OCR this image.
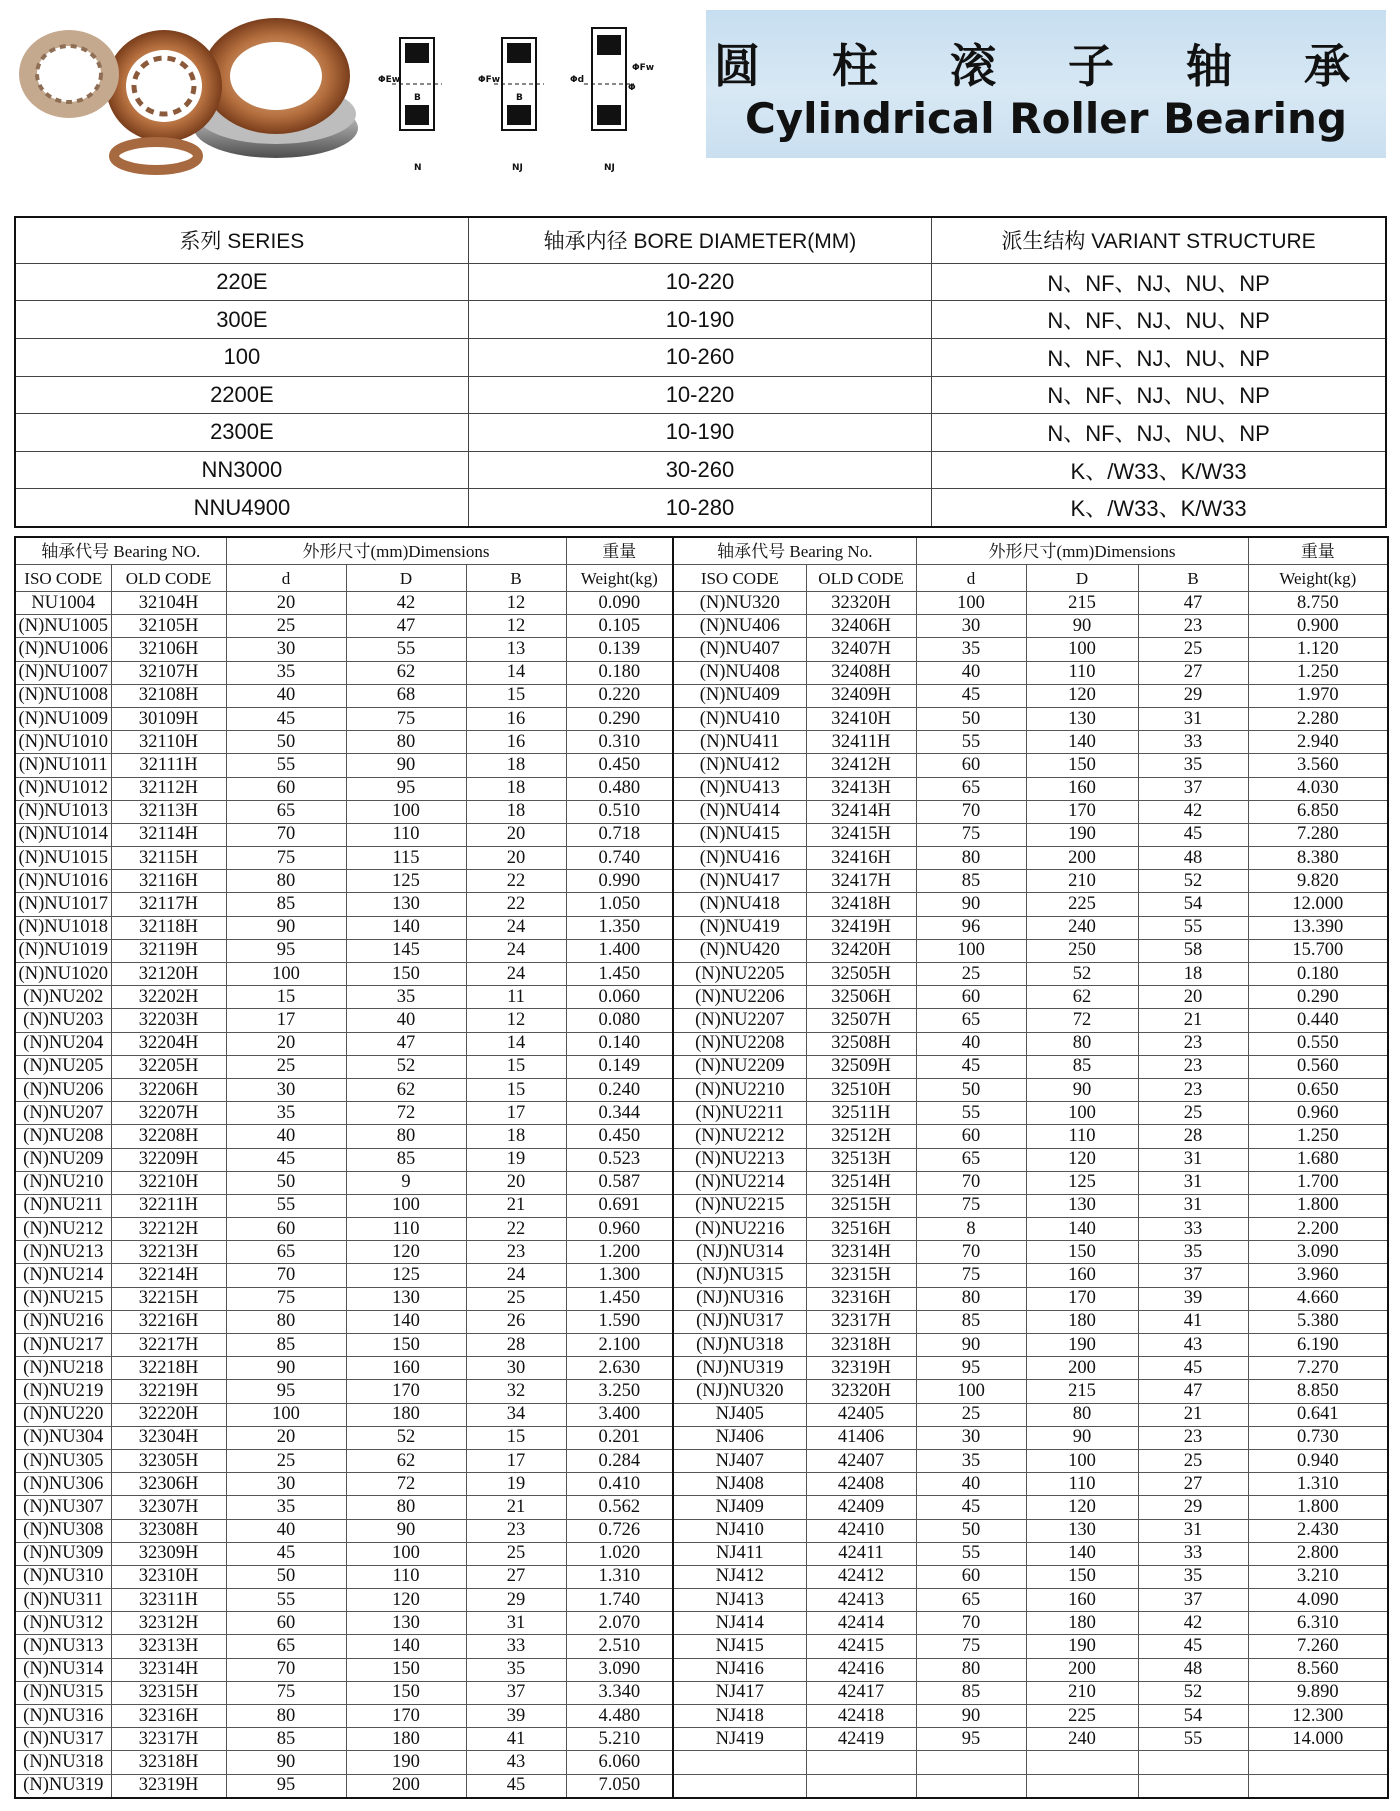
ΦEw
B
ΦFw
B
Φd
ΦFw
Φ
N	NJ	NJ
圆 柱 滚 子 轴 承
Cylindrical Roller Bearing
系列 SERIES	轴承内径 BORE DIAMETER(MM)	派生结构 VARIANT STRUCTURE
220E	10-220	N、NF、NJ、NU、NP
300E	10-190	N、NF、NJ、NU、NP
100	10-260	N、NF、NJ、NU、NP
2200E	10-220	N、NF、NJ、NU、NP
2300E	10-190	N、NF、NJ、NU、NP
NN3000	30-260	K、/W33、K/W33
NNU4900	10-280	K、/W33、K/W33
轴承代号 Bearing NO.		外形尺寸(mm)Dimensions			重量	轴承代号 Bearing No.		外形尺寸(mm)Dimensions			重量
ISO CODE	OLD CODE	d	D	B	Weight(kg)	ISO CODE	OLD CODE	d	D	B	Weight(kg)
NU1004	32104H	20	42	12	0.090	(N)NU320	32320H	100	215	47	8.750
(N)NU1005	32105H	25	47	12	0.105	(N)NU406	32406H	30	90	23	0.900
(N)NU1006	32106H	30	55	13	0.139	(N)NU407	32407H	35	100	25	1.120
(N)NU1007	32107H	35	62	14	0.180	(N)NU408	32408H	40	110	27	1.250
(N)NU1008	32108H	40	68	15	0.220	(N)NU409	32409H	45	120	29	1.970
(N)NU1009	30109H	45	75	16	0.290	(N)NU410	32410H	50	130	31	2.280
(N)NU1010	32110H	50	80	16	0.310	(N)NU411	32411H	55	140	33	2.940
(N)NU1011	32111H	55	90	18	0.450	(N)NU412	32412H	60	150	35	3.560
(N)NU1012	32112H	60	95	18	0.480	(N)NU413	32413H	65	160	37	4.030
(N)NU1013	32113H	65	100	18	0.510	(N)NU414	32414H	70	170	42	6.850
(N)NU1014	32114H	70	110	20	0.718	(N)NU415	32415H	75	190	45	7.280
(N)NU1015	32115H	75	115	20	0.740	(N)NU416	32416H	80	200	48	8.380
(N)NU1016	32116H	80	125	22	0.990	(N)NU417	32417H	85	210	52	9.820
(N)NU1017	32117H	85	130	22	1.050	(N)NU418	32418H	90	225	54	12.000
(N)NU1018	32118H	90	140	24	1.350	(N)NU419	32419H	96	240	55	13.390
(N)NU1019	32119H	95	145	24	1.400	(N)NU420	32420H	100	250	58	15.700
(N)NU1020	32120H	100	150	24	1.450	(N)NU2205	32505H	25	52	18	0.180
(N)NU202	32202H	15	35	11	0.060	(N)NU2206	32506H	60	62	20	0.290
(N)NU203	32203H	17	40	12	0.080	(N)NU2207	32507H	65	72	21	0.440
(N)NU204	32204H	20	47	14	0.140	(N)NU2208	32508H	40	80	23	0.550
(N)NU205	32205H	25	52	15	0.149	(N)NU2209	32509H	45	85	23	0.560
(N)NU206	32206H	30	62	15	0.240	(N)NU2210	32510H	50	90	23	0.650
(N)NU207	32207H	35	72	17	0.344	(N)NU2211	32511H	55	100	25	0.960
(N)NU208	32208H	40	80	18	0.450	(N)NU2212	32512H	60	110	28	1.250
(N)NU209	32209H	45	85	19	0.523	(N)NU2213	32513H	65	120	31	1.680
(N)NU210	32210H	50	9	20	0.587	(N)NU2214	32514H	70	125	31	1.700
(N)NU211	32211H	55	100	21	0.691	(N)NU2215	32515H	75	130	31	1.800
(N)NU212	32212H	60	110	22	0.960	(N)NU2216	32516H	8	140	33	2.200
(N)NU213	32213H	65	120	23	1.200	(NJ)NU314	32314H	70	150	35	3.090
(N)NU214	32214H	70	125	24	1.300	(NJ)NU315	32315H	75	160	37	3.960
(N)NU215	32215H	75	130	25	1.450	(NJ)NU316	32316H	80	170	39	4.660
(N)NU216	32216H	80	140	26	1.590	(NJ)NU317	32317H	85	180	41	5.380
(N)NU217	32217H	85	150	28	2.100	(NJ)NU318	32318H	90	190	43	6.190
(N)NU218	32218H	90	160	30	2.630	(NJ)NU319	32319H	95	200	45	7.270
(N)NU219	32219H	95	170	32	3.250	(NJ)NU320	32320H	100	215	47	8.850
(N)NU220	32220H	100	180	34	3.400	NJ405	42405	25	80	21	0.641
(N)NU304	32304H	20	52	15	0.201	NJ406	41406	30	90	23	0.730
(N)NU305	32305H	25	62	17	0.284	NJ407	42407	35	100	25	0.940
(N)NU306	32306H	30	72	19	0.410	NJ408	42408	40	110	27	1.310
(N)NU307	32307H	35	80	21	0.562	NJ409	42409	45	120	29	1.800
(N)NU308	32308H	40	90	23	0.726	NJ410	42410	50	130	31	2.430
(N)NU309	32309H	45	100	25	1.020	NJ411	42411	55	140	33	2.800
(N)NU310	32310H	50	110	27	1.310	NJ412	42412	60	150	35	3.210
(N)NU311	32311H	55	120	29	1.740	NJ413	42413	65	160	37	4.090
(N)NU312	32312H	60	130	31	2.070	NJ414	42414	70	180	42	6.310
(N)NU313	32313H	65	140	33	2.510	NJ415	42415	75	190	45	7.260
(N)NU314	32314H	70	150	35	3.090	NJ416	42416	80	200	48	8.560
(N)NU315	32315H	75	150	37	3.340	NJ417	42417	85	210	52	9.890
(N)NU316	32316H	80	170	39	4.480	NJ418	42418	90	225	54	12.300
(N)NU317	32317H	85	180	41	5.210	NJ419	42419	95	240	55	14.000
(N)NU318	32318H	90	190	43	6.060						
(N)NU319	32319H	95	200	45	7.050						
